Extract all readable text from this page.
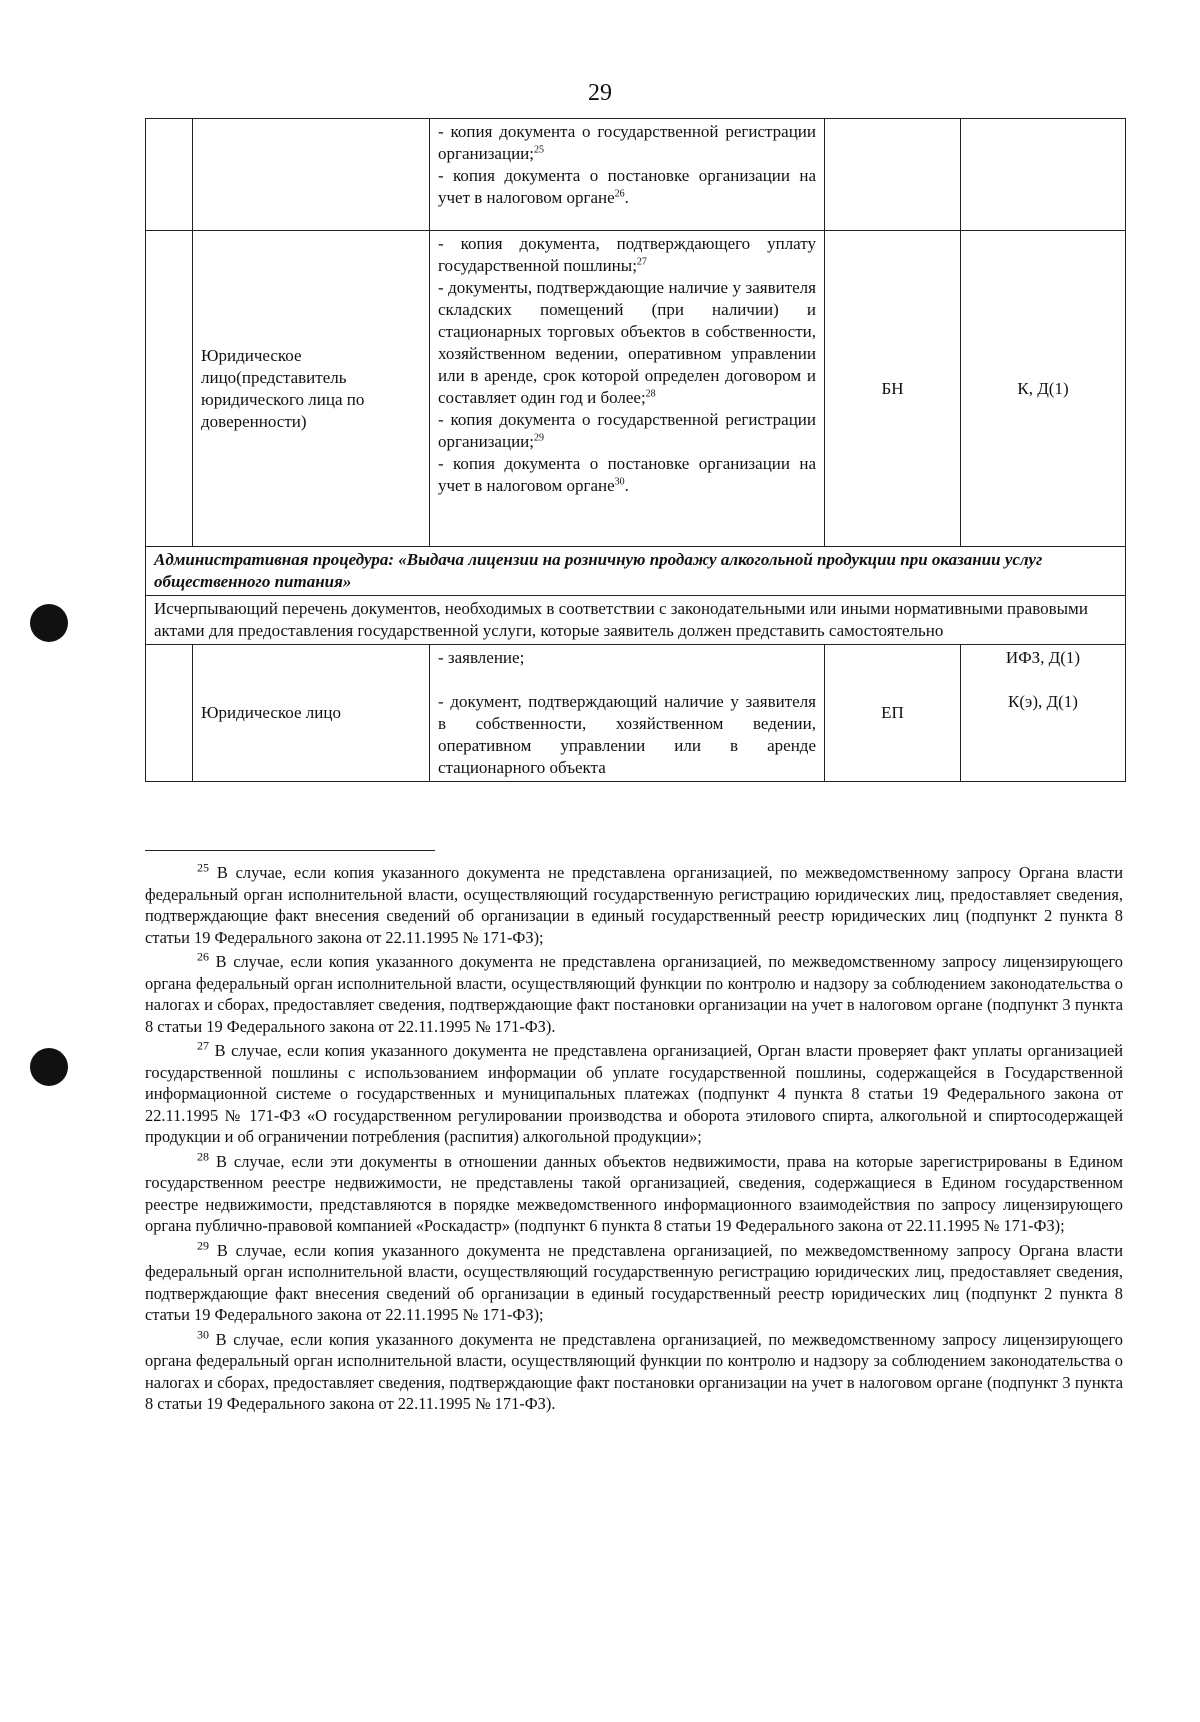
29

		- копия документа о государственной регистрации организации;$^{25}$
- копия документа о постановке организации на учет в налоговом органе$^{26}$.		

	Юридическое лицо(представитель юридического лица по доверенности)	- копия документа, подтверждающего уплату государственной пошлины;$^{27}$
- документы, подтверждающие наличие у заявителя складских помещений (при наличии) и стационарных торговых объектов в собственности, хозяйственном ведении, оперативном управлении или в аренде, срок которой определен договором и составляет один год и более;$^{28}$
- копия документа о государственной регистрации организации;$^{29}$
- копия документа о постановке организации на учет в налоговом органе$^{30}$.	БН	К, Д(1)
Административная процедура: «Выдача лицензии на розничную продажу алкогольной продукции при оказании услуг общественного питания»				
Исчерпывающий перечень документов, необходимых в соответствии с законодательными или иными нормативными правовыми актами для предоставления государственной услуги, которые заявитель должен представить самостоятельно				
	Юридическое лицо	- заявление;
- документ, подтверждающий наличие у заявителя в собственности, хозяйственном ведении, оперативном управлении или в аренде стационарного объекта	ЕП	ИФЗ, Д(1)
К(э), Д(1)

$^{25}$ В случае, если копия указанного документа не представлена организацией, по межведомственному запросу Органа власти федеральный орган исполнительной власти, осуществляющий государственную регистрацию юридических лиц, предоставляет сведения, подтверждающие факт внесения сведений об организации в единый государственный реестр юридических лиц (подпункт 2 пункта 8 статьи 19 Федерального закона от 22.11.1995 № 171-ФЗ);

$^{26}$ В случае, если копия указанного документа не представлена организацией, по межведомственному запросу лицензирующего органа федеральный орган исполнительной власти, осуществляющий функции по контролю и надзору за соблюдением законодательства о налогах и сборах, предоставляет сведения, подтверждающие факт постановки организации на учет в налоговом органе (подпункт 3 пункта 8 статьи 19 Федерального закона от 22.11.1995 № 171-ФЗ).

$^{27}$ В случае, если копия указанного документа не представлена организацией, Орган власти проверяет факт уплаты организацией государственной пошлины с использованием информации об уплате государственной пошлины, содержащейся в Государственной информационной системе о государственных и муниципальных платежах (подпункт 4 пункта 8 статьи 19 Федерального закона от 22.11.1995 № 171-ФЗ «О государственном регулировании производства и оборота этилового спирта, алкогольной и спиртосодержащей продукции и об ограничении потребления (распития) алкогольной продукции»;

$^{28}$ В случае, если эти документы в отношении данных объектов недвижимости, права на которые зарегистрированы в Едином государственном реестре недвижимости, не представлены такой организацией, сведения, содержащиеся в Едином государственном реестре недвижимости, представляются в порядке межведомственного информационного взаимодействия по запросу лицензирующего органа публично-правовой компанией «Роскадастр» (подпункт 6 пункта 8 статьи 19 Федерального закона от 22.11.1995 № 171-ФЗ);

$^{29}$ В случае, если копия указанного документа не представлена организацией, по межведомственному запросу Органа власти федеральный орган исполнительной власти, осуществляющий государственную регистрацию юридических лиц, предоставляет сведения, подтверждающие факт внесения сведений об организации в единый государственный реестр юридических лиц (подпункт 2 пункта 8 статьи 19 Федерального закона от 22.11.1995 № 171-ФЗ);

$^{30}$ В случае, если копия указанного документа не представлена организацией, по межведомственному запросу лицензирующего органа федеральный орган исполнительной власти, осуществляющий функции по контролю и надзору за соблюдением законодательства о налогах и сборах, предоставляет сведения, подтверждающие факт постановки организации на учет в налоговом органе (подпункт 3 пункта 8 статьи 19 Федерального закона от 22.11.1995 № 171-ФЗ).
